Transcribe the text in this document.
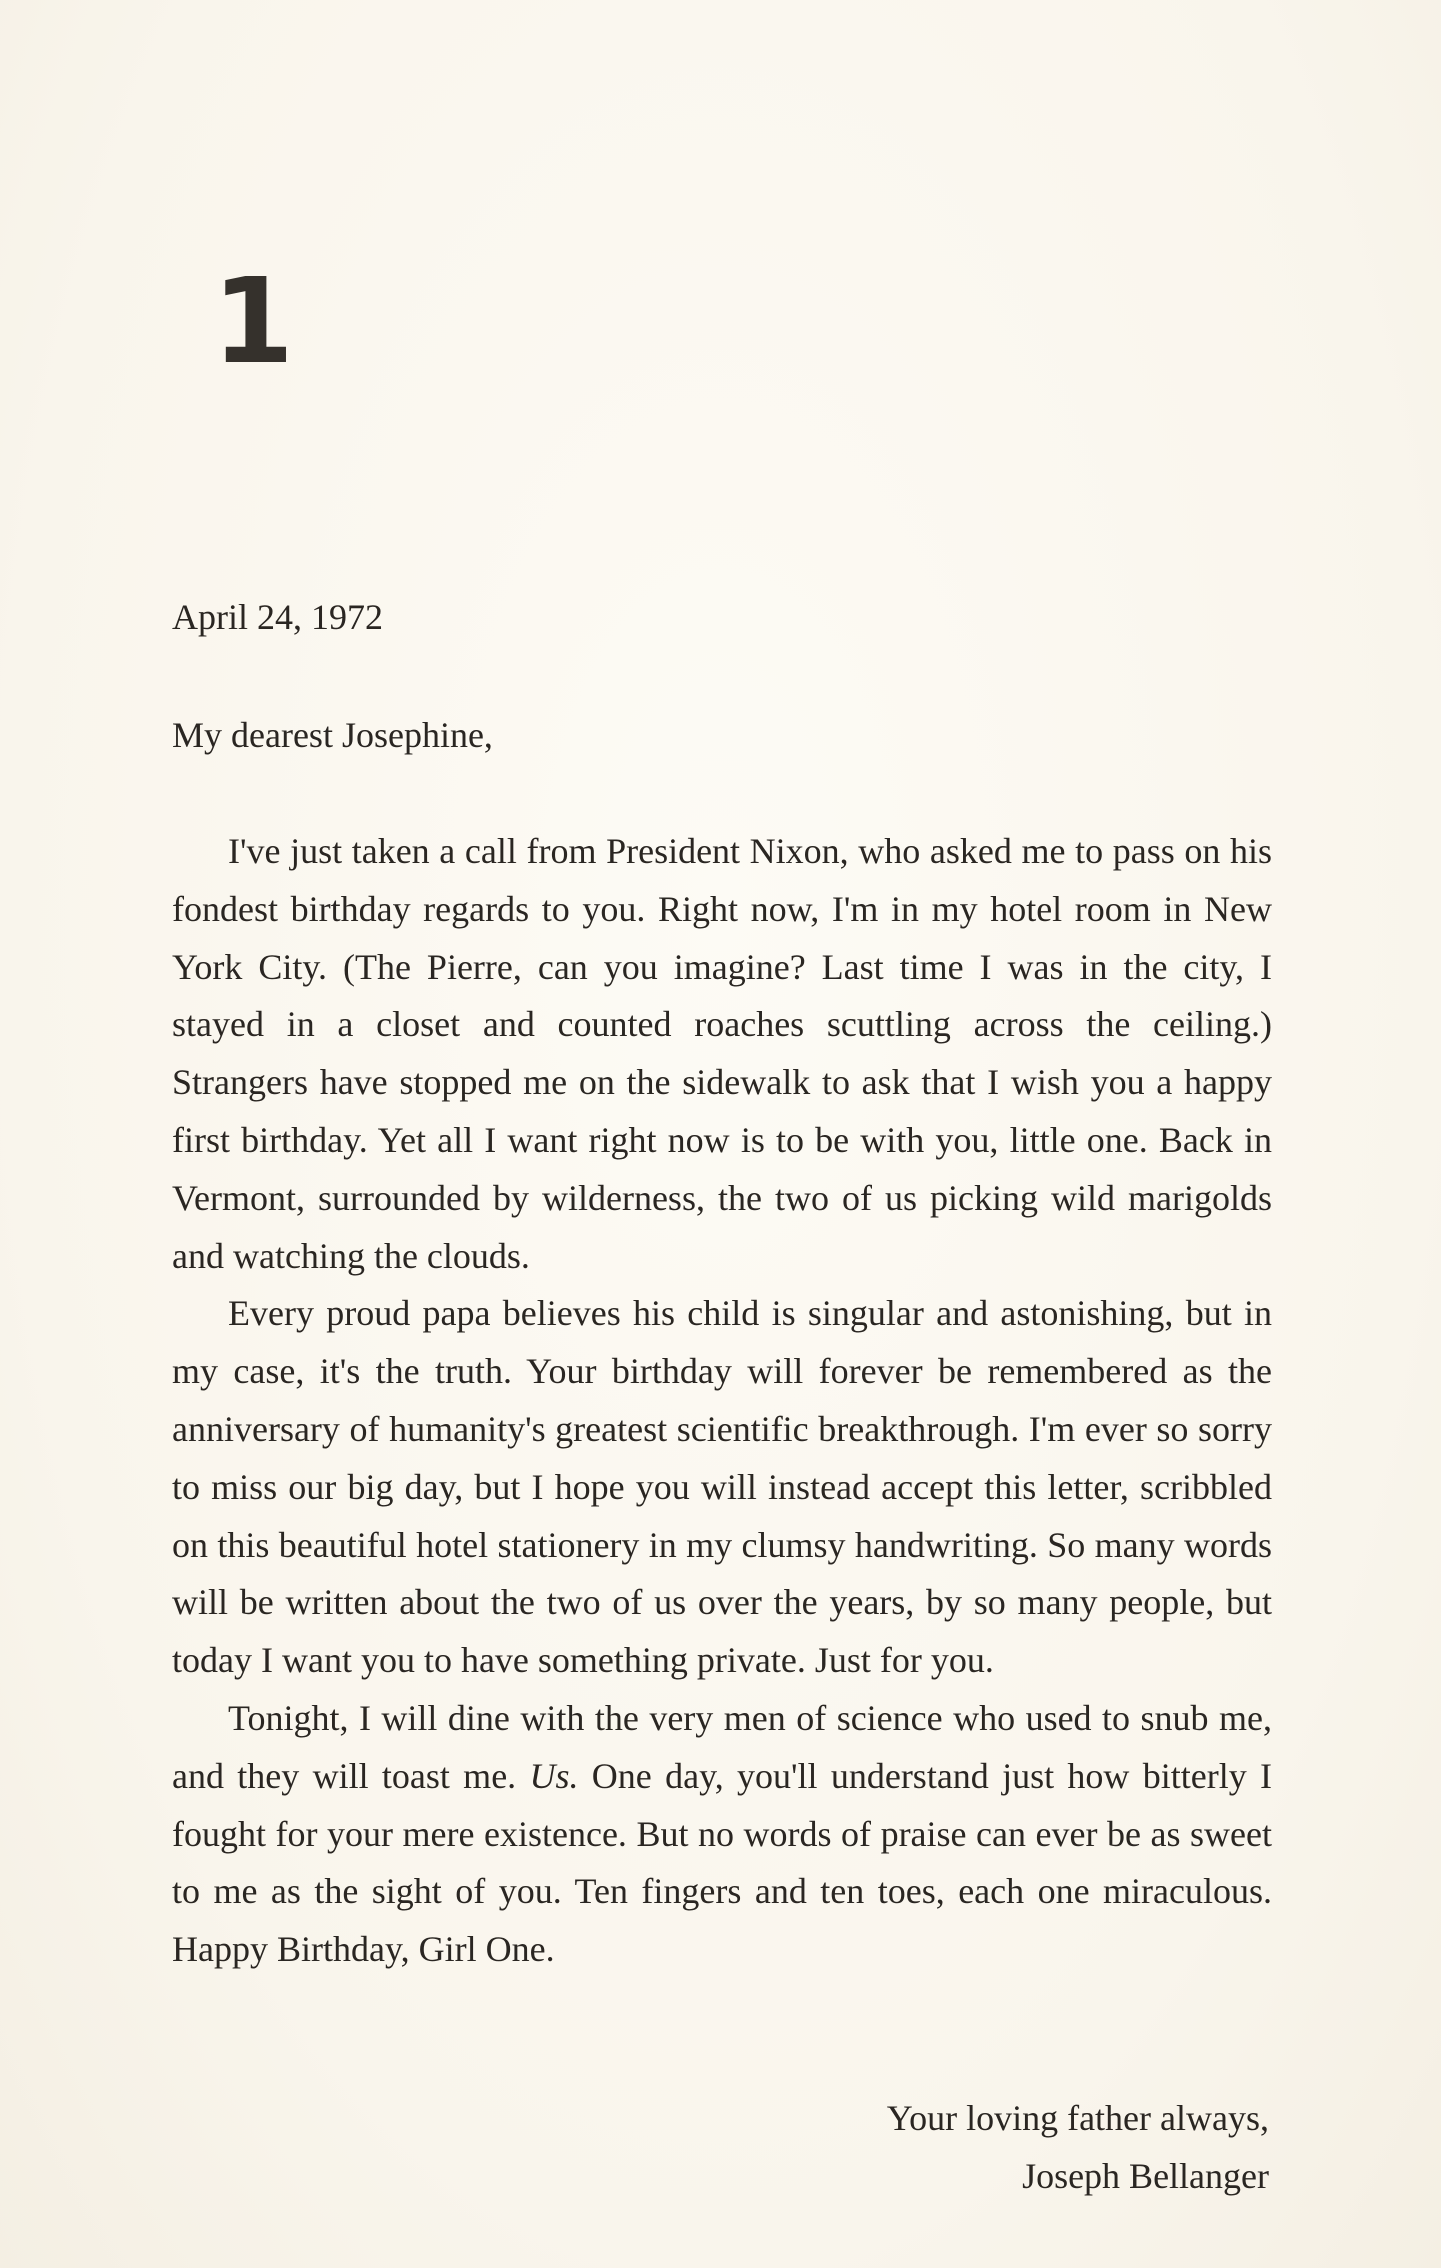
1
April 24, 1972
My dearest Josephine,

I've just taken a call from President Nixon, who asked me to pass on his fondest birthday regards to you. Right now, I'm in my hotel room in New York City. (The Pierre, can you imagine? Last time I was in the city, I stayed in a closet and counted roaches scuttling across the ceiling.) Strangers have stopped me on the sidewalk to ask that I wish you a happy first birthday. Yet all I want right now is to be with you, little one. Back in Vermont, surrounded by wilderness, the two of us picking wild marigolds and watching the clouds.

Every proud papa believes his child is singular and astonishing, but in my case, it's the truth. Your birthday will forever be remembered as the anniversary of humanity's greatest scientific breakthrough. I'm ever so sorry to miss our big day, but I hope you will instead accept this letter, scribbled on this beautiful hotel stationery in my clumsy handwriting. So many words will be written about the two of us over the years, by so many people, but today I want you to have something private. Just for you.

Tonight, I will dine with the very men of science who used to snub me, and they will toast me. Us. One day, you'll understand just how bitterly I fought for your mere existence. But no words of praise can ever be as sweet to me as the sight of you. Ten fingers and ten toes, each one miraculous. Happy Birthday, Girl One.

Your loving father always,
Joseph Bellanger
